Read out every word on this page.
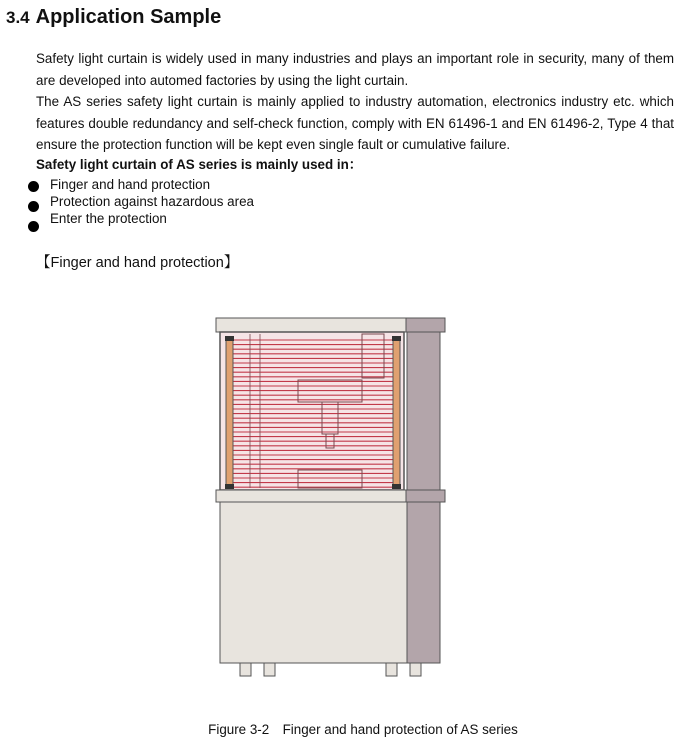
3.4 Application Sample

Safety light curtain is widely used in many industries and plays an important role in security, many of them are developed into automed factories by using the light curtain.

The AS series safety light curtain is mainly applied to industry automation, electronics industry etc. which features double redundancy and self-check function, comply with EN 61496-1 and EN 61496-2, Type 4 that ensure the protection function will be kept even single fault or cumulative failure.

Safety light curtain of AS series is mainly used in：
Finger and hand protection
Protection against hazardous area
Enter the protection
【Finger and hand protection】
Figure 3-2　Finger and hand protection of AS series
